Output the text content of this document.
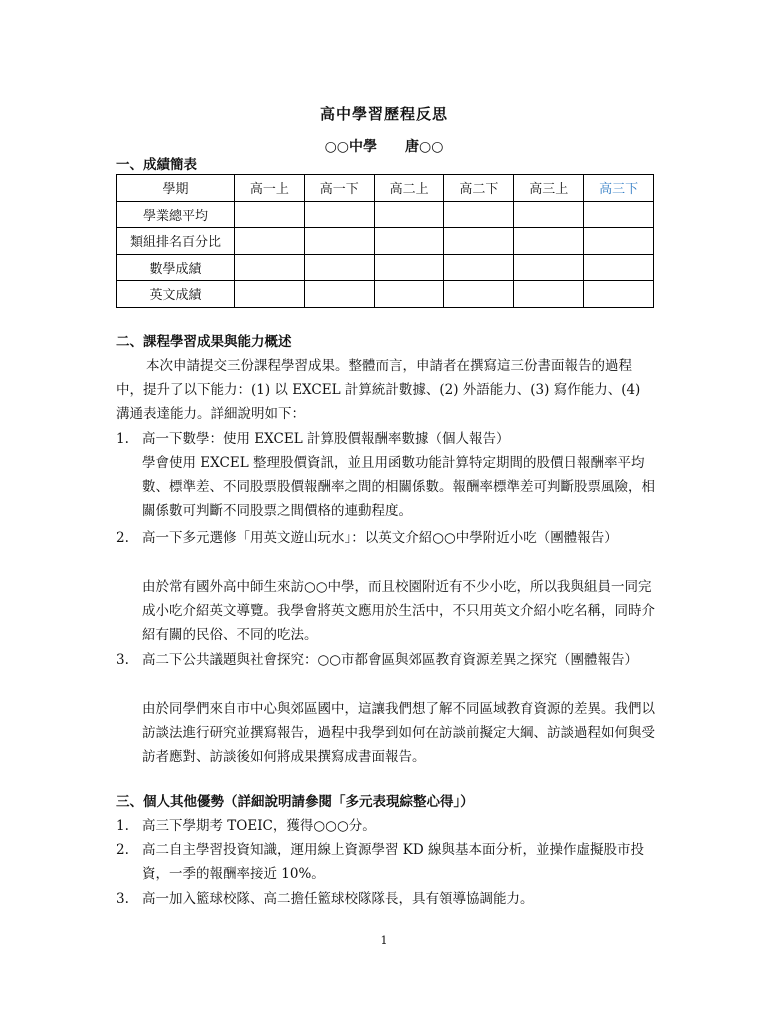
高中學習歷程反思
○○中學 唐○○
一、成績簡表
學期	高一上	高一下	高二上	高二下	高三上	高三下
學業總平均						
類組排名百分比						
數學成績						
英文成績						
二、課程學習成果與能力概述
本次申請提交三份課程學習成果。整體而言，申請者在撰寫這三份書面報告的過程中，提升了以下能力：(1) 以 EXCEL 計算統計數據、(2) 外語能力、(3) 寫作能力、(4) 溝通表達能力。詳細說明如下：
1. 高一下數學：使用 EXCEL 計算股價報酬率數據（個人報告）
學會使用 EXCEL 整理股價資訊，並且用函數功能計算特定期間的股價日報酬率平均數、標準差、不同股票股價報酬率之間的相關係數。報酬率標準差可判斷股票風險，相關係數可判斷不同股票之間價格的連動程度。
2. 高一下多元選修「用英文遊山玩水」：以英文介紹○○中學附近小吃（團體報告）
由於常有國外高中師生來訪○○中學，而且校園附近有不少小吃，所以我與組員一同完成小吃介紹英文導覽。我學會將英文應用於生活中，不只用英文介紹小吃名稱，同時介紹有關的民俗、不同的吃法。
3. 高二下公共議題與社會探究：○○市都會區與郊區教育資源差異之探究（團體報告）
由於同學們來自市中心與郊區國中，這讓我們想了解不同區域教育資源的差異。我們以訪談法進行研究並撰寫報告，過程中我學到如何在訪談前擬定大綱、訪談過程如何與受訪者應對、訪談後如何將成果撰寫成書面報告。
三、個人其他優勢（詳細說明請參閱「多元表現綜整心得」）
1. 高三下學期考 TOEIC，獲得○○○分。
2. 高二自主學習投資知識，運用線上資源學習 KD 線與基本面分析，並操作虛擬股市投資，一季的報酬率接近 10%。
3. 高一加入籃球校隊、高二擔任籃球校隊隊長，具有領導協調能力。
1
